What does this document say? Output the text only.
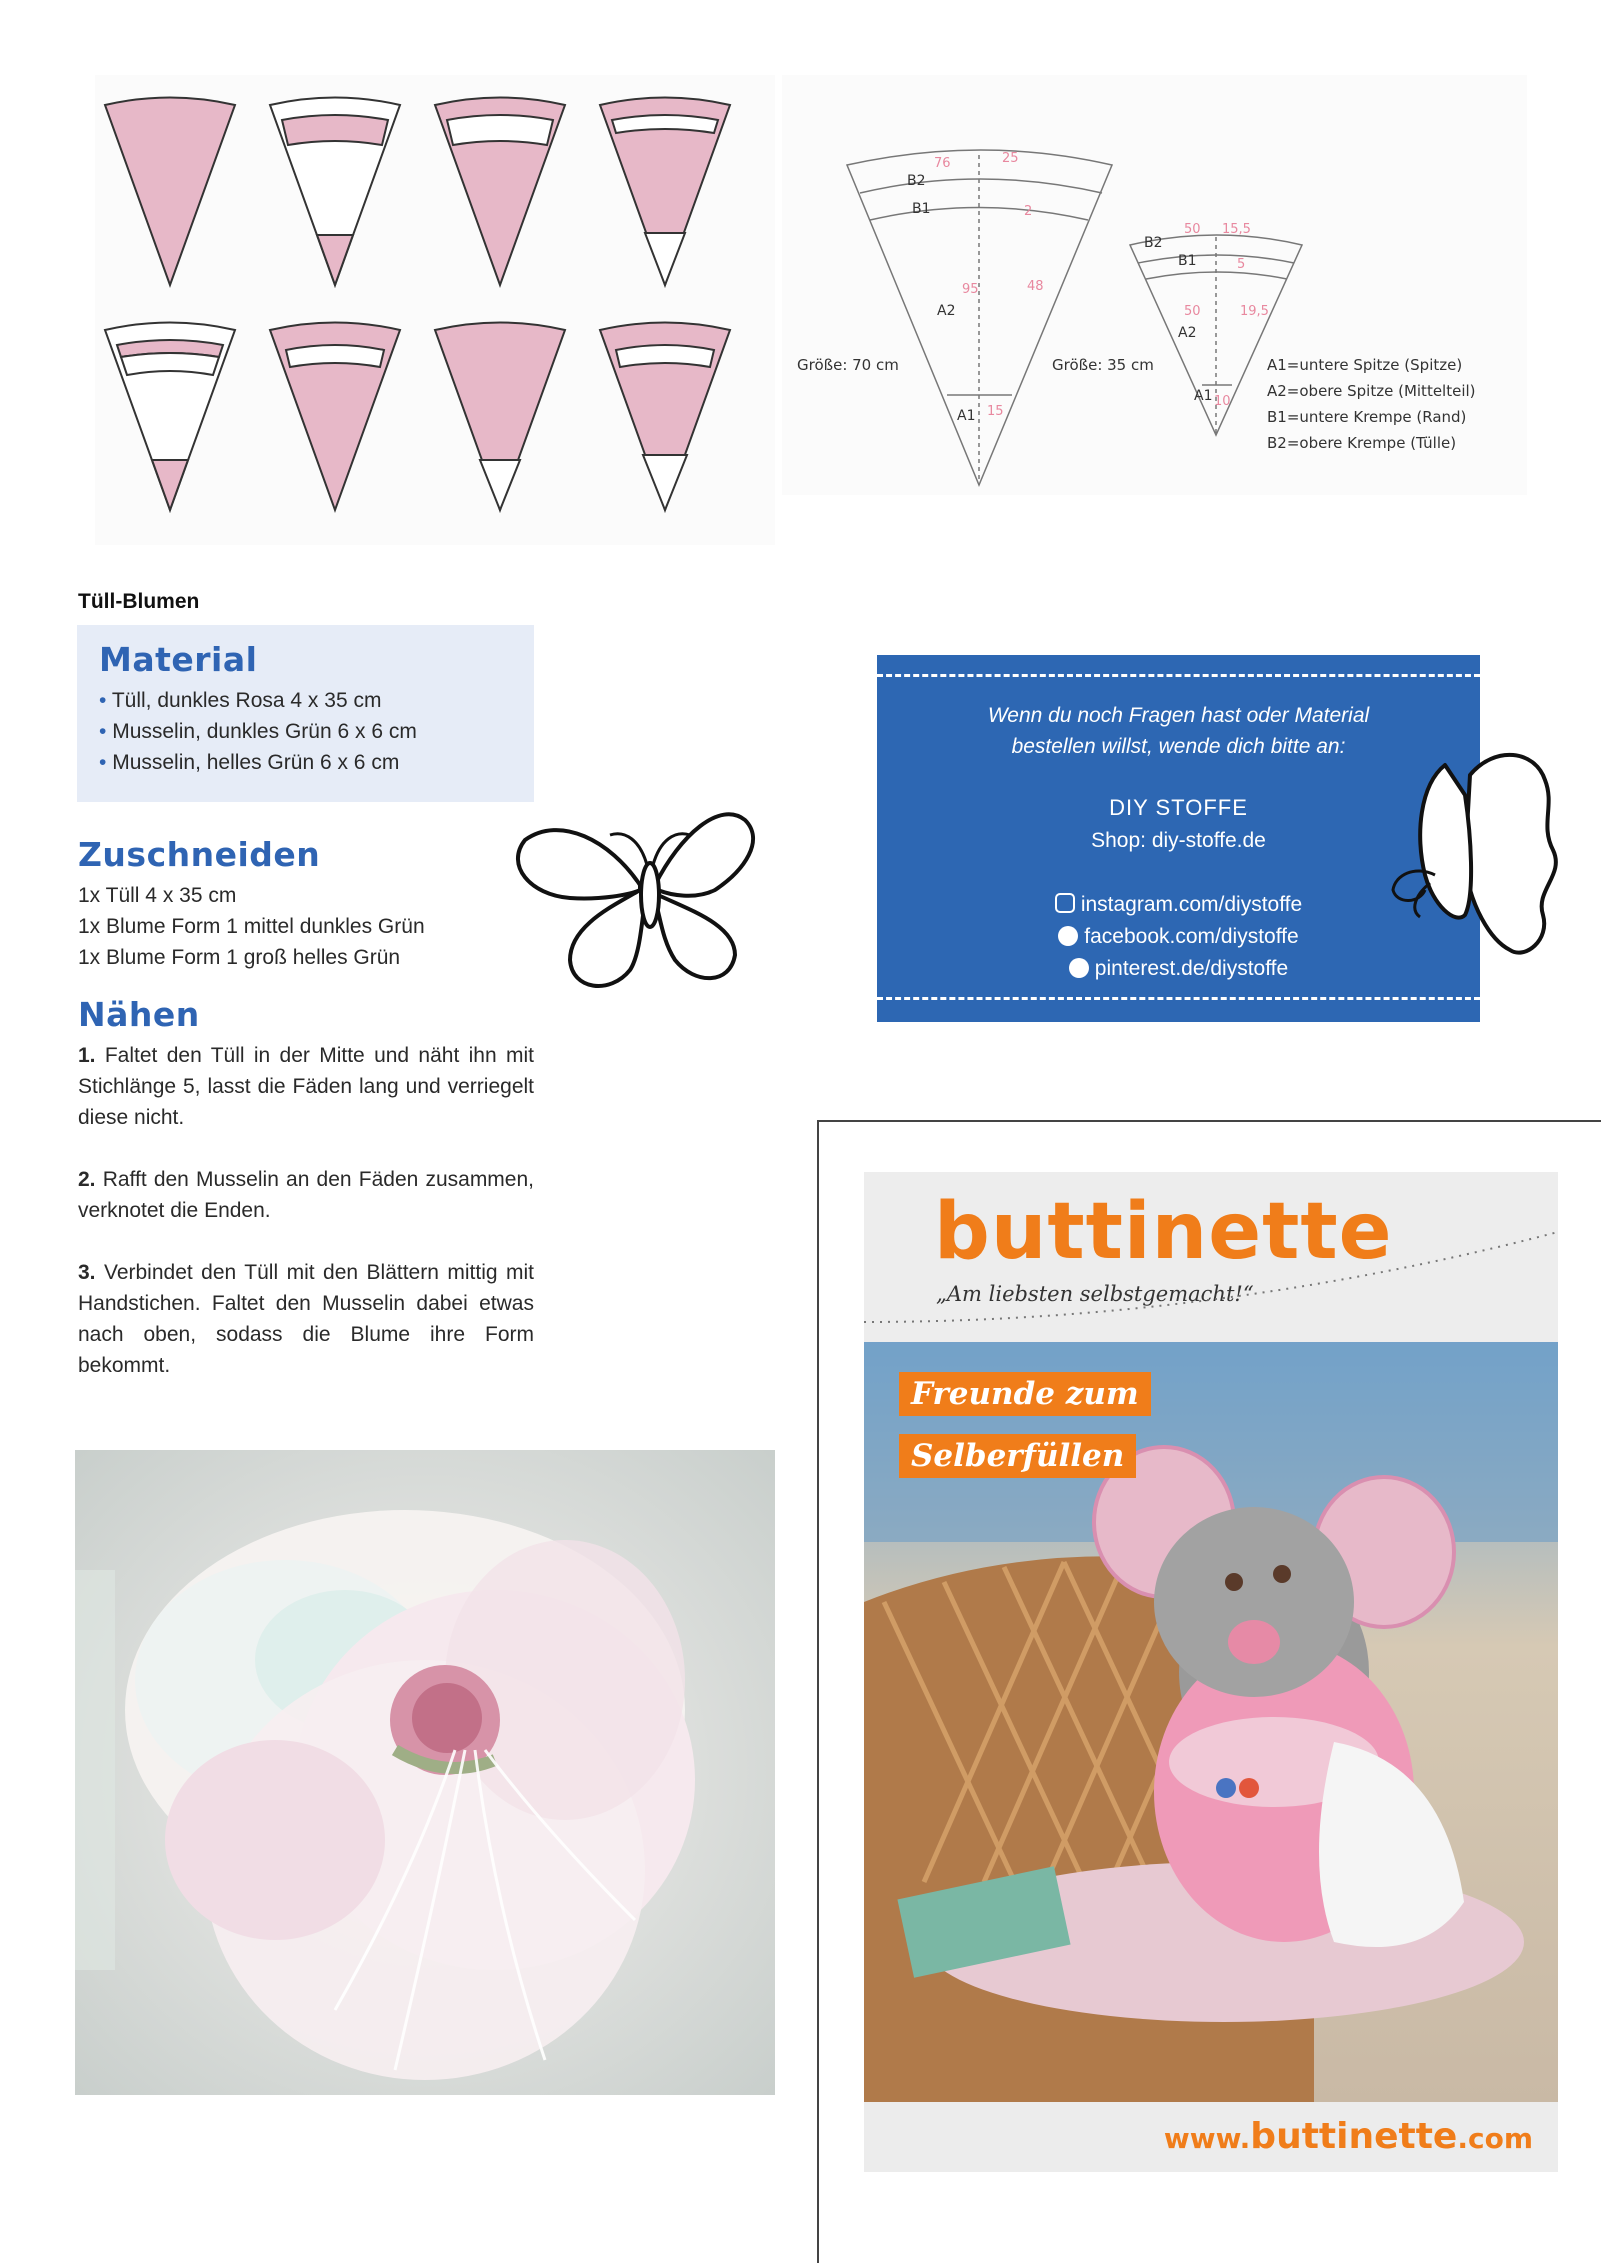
B2
B1
A2
A1
B2
B1
A2
A1
76	25
2
95	48
15
50 15,5
5
50	19,5
10
Größe: 70 cm	Größe: 35 cm	A1=untere Spitze (Spitze)
A2=obere Spitze (Mittelteil)
B1=untere Krempe (Rand)
B2=obere Krempe (Tülle)
Tüll-Blumen
Material
• Tüll, dunkles Rosa 4 x 35 cm
• Musselin, dunkles Grün 6 x 6 cm
• Musselin, helles Grün 6 x 6 cm
Zuschneiden
1x Tüll 4 x 35 cm
1x Blume Form 1 mittel dunkles Grün
1x Blume Form 1 groß helles Grün
Nähen
1. Faltet den Tüll in der Mitte und näht ihn mit Stichlänge 5, lasst die Fäden lang und verriegelt diese nicht.
2. Rafft den Musselin an den Fäden zusammen, verknotet die Enden.
3. Verbindet den Tüll mit den Blättern mittig mit Handstichen. Faltet den Musselin dabei etwas nach oben, sodass die Blume ihre Form bekommt.
Wenn du noch Fragen hast oder Material
bestellen willst, wende dich bitte an:
DIY STOFFE
Shop: diy-stoffe.de
instagram.com/diystoffe
facebook.com/diystoffe
pinterest.de/diystoffe
buttinette
„Am liebsten selbstgemacht!“
Freunde zum
Selberfüllen
www.buttinette.com
